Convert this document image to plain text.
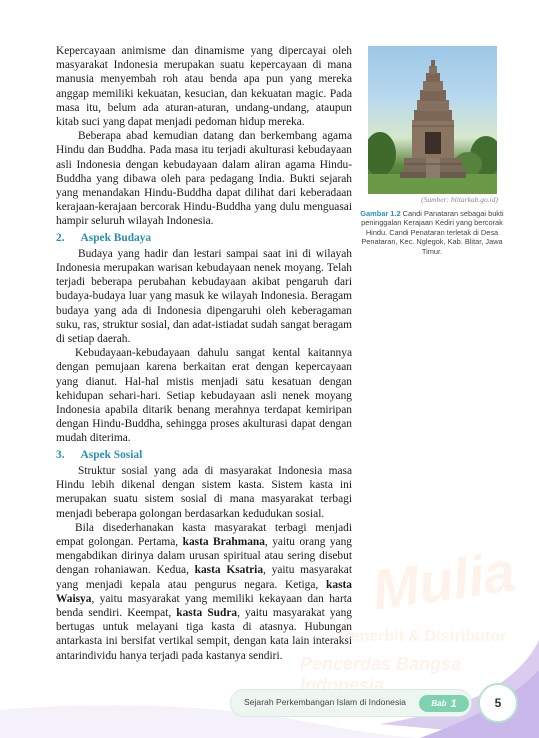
Mulia
Penerbit & Distributor
Pencerdas Bangsa Indonesia

Kepercayaan animisme dan dinamisme yang dipercayai oleh masyarakat Indonesia merupakan suatu kepercayaan di mana manusia menyembah roh atau benda apa pun yang mereka anggap memiliki kekuatan, kesucian, dan kekuatan magic. Pada masa itu, belum ada aturan-aturan, undang-undang, ataupun kitab suci yang dapat menjadi pedoman hidup mereka.

Beberapa abad kemudian datang dan berkembang agama Hindu dan Buddha. Pada masa itu terjadi akulturasi kebudayaan asli Indonesia dengan kebudayaan dalam aliran agama Hindu-Buddha yang dibawa oleh para pedagang India. Bukti sejarah yang menandakan Hindu-Buddha dapat dilihat dari keberadaan kerajaan-kerajaan bercorak Hindu-Buddha yang dulu menguasai hampir seluruh wilayah Indonesia.

2. Aspek Budaya

Budaya yang hadir dan lestari sampai saat ini di wilayah Indonesia merupakan warisan kebudayaan nenek moyang. Telah terjadi beberapa perubahan kebudayaan akibat pengaruh dari budaya-budaya luar yang masuk ke wilayah Indonesia. Beragam budaya yang ada di Indonesia dipengaruhi oleh keberagaman suku, ras, struktur sosial, dan adat-istiadat sudah sangat beragam di setiap daerah.

Kebudayaan-kebudayaan dahulu sangat kental kaitannya dengan pemujaan karena berkaitan erat dengan kepercayaan yang dianut. Hal-hal mistis menjadi satu kesatuan dengan kehidupan sehari-hari. Setiap kebudayaan asli nenek moyang Indonesia apabila ditarik benang merahnya terdapat kemiripan dengan Hindu-Buddha, sehingga proses akulturasi dapat dengan mudah diterima.

3. Aspek Sosial

Struktur sosial yang ada di masyarakat Indonesia masa Hindu lebih dikenal dengan sistem kasta. Sistem kasta ini merupakan suatu sistem sosial di mana masyarakat terbagi menjadi beberapa golongan berdasarkan kedudukan sosial.

Bila disederhanakan kasta masyarakat terbagi menjadi empat golongan. Pertama, kasta Brahmana, yaitu orang yang mengabdikan dirinya dalam urusan spiritual atau sering disebut dengan rohaniawan. Kedua, kasta Ksatria, yaitu masyarakat yang menjadi kepala atau pengurus negara. Ketiga, kasta Waisya, yaitu masyarakat yang memiliki kekayaan dan harta benda sendiri. Keempat, kasta Sudra, yaitu masyarakat yang bertugas untuk melayani tiga kasta di atasnya. Hubungan antarkasta ini bersifat vertikal sempit, dengan kata lain interaksi antarindividu hanya terjadi pada kastanya sendiri.

(Sumber: blitarkab.go.id)
Gambar 1.2 Candi Panataran sebagai bukti peninggalan Kerajaan Kediri yang bercorak Hindu. Candi Penataran terletak di Desa Penataran, Kec. Nglegok, Kab. Blitar, Jawa Timur.
Sejarah Perkembangan Islam di Indonesia	Bab 1	5
